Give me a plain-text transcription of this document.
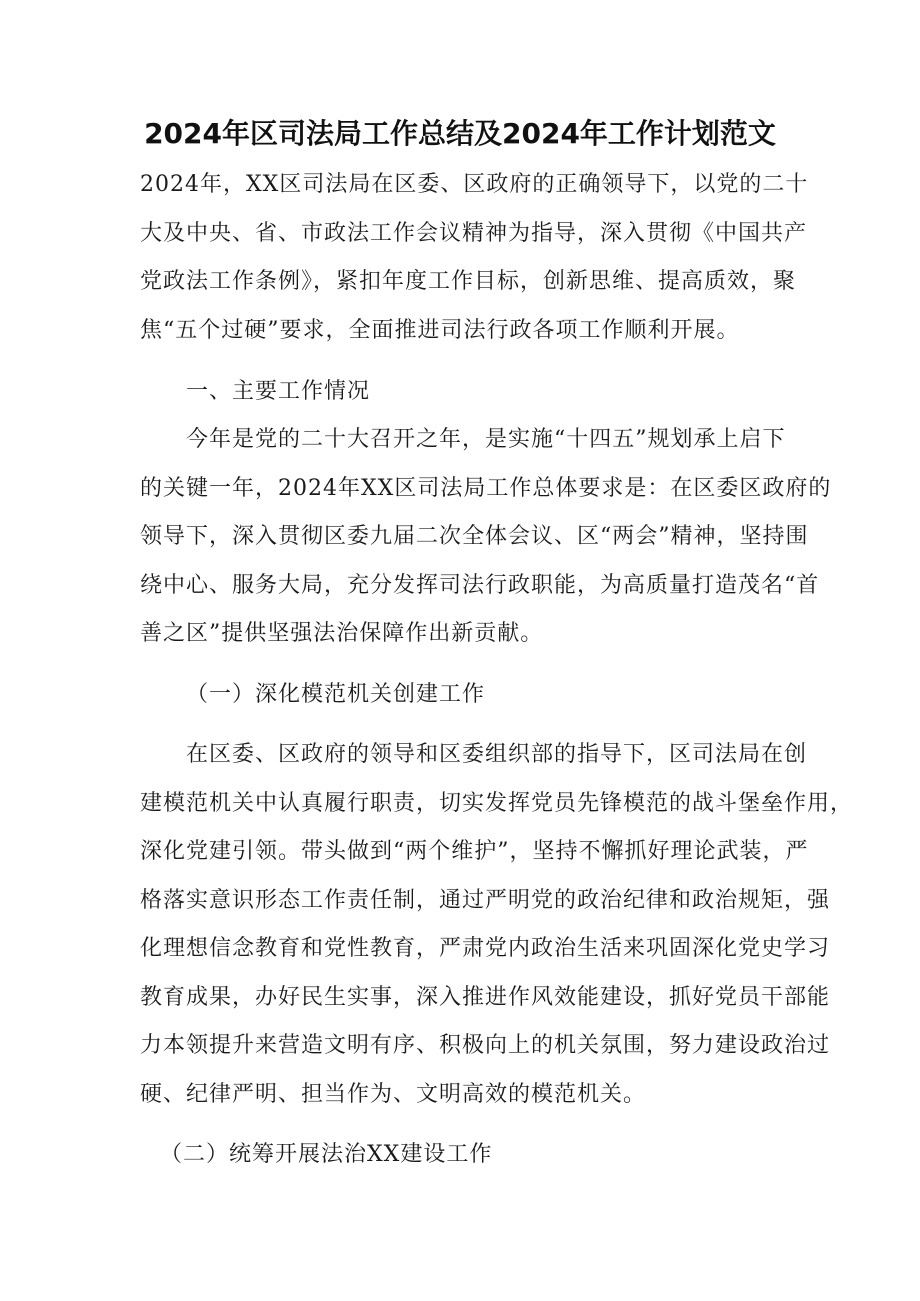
2024年区司法局工作总结及2024年工作计划范文
2024年，XX区司法局在区委、区政府的正确领导下，以党的二十
大及中央、省、市政法工作会议精神为指导，深入贯彻《中国共产
党政法工作条例》，紧扣年度工作目标，创新思维、提高质效，聚
焦“五个过硬”要求，全面推进司法行政各项工作顺利开展。
一、主要工作情况
今年是党的二十大召开之年，是实施“十四五”规划承上启下
的关键一年，2024年XX区司法局工作总体要求是：在区委区政府的
领导下，深入贯彻区委九届二次全体会议、区“两会”精神，坚持围
绕中心、服务大局，充分发挥司法行政职能，为高质量打造茂名“首
善之区”提供坚强法治保障作出新贡献。
（一）深化模范机关创建工作
在区委、区政府的领导和区委组织部的指导下，区司法局在创
建模范机关中认真履行职责，切实发挥党员先锋模范的战斗堡垒作用，
深化党建引领。带头做到“两个维护”，坚持不懈抓好理论武装，严
格落实意识形态工作责任制，通过严明党的政治纪律和政治规矩，强
化理想信念教育和党性教育，严肃党内政治生活来巩固深化党史学习
教育成果，办好民生实事，深入推进作风效能建设，抓好党员干部能
力本领提升来营造文明有序、积极向上的机关氛围，努力建设政治过
硬、纪律严明、担当作为、文明高效的模范机关。
（二）统筹开展法治XX建设工作
